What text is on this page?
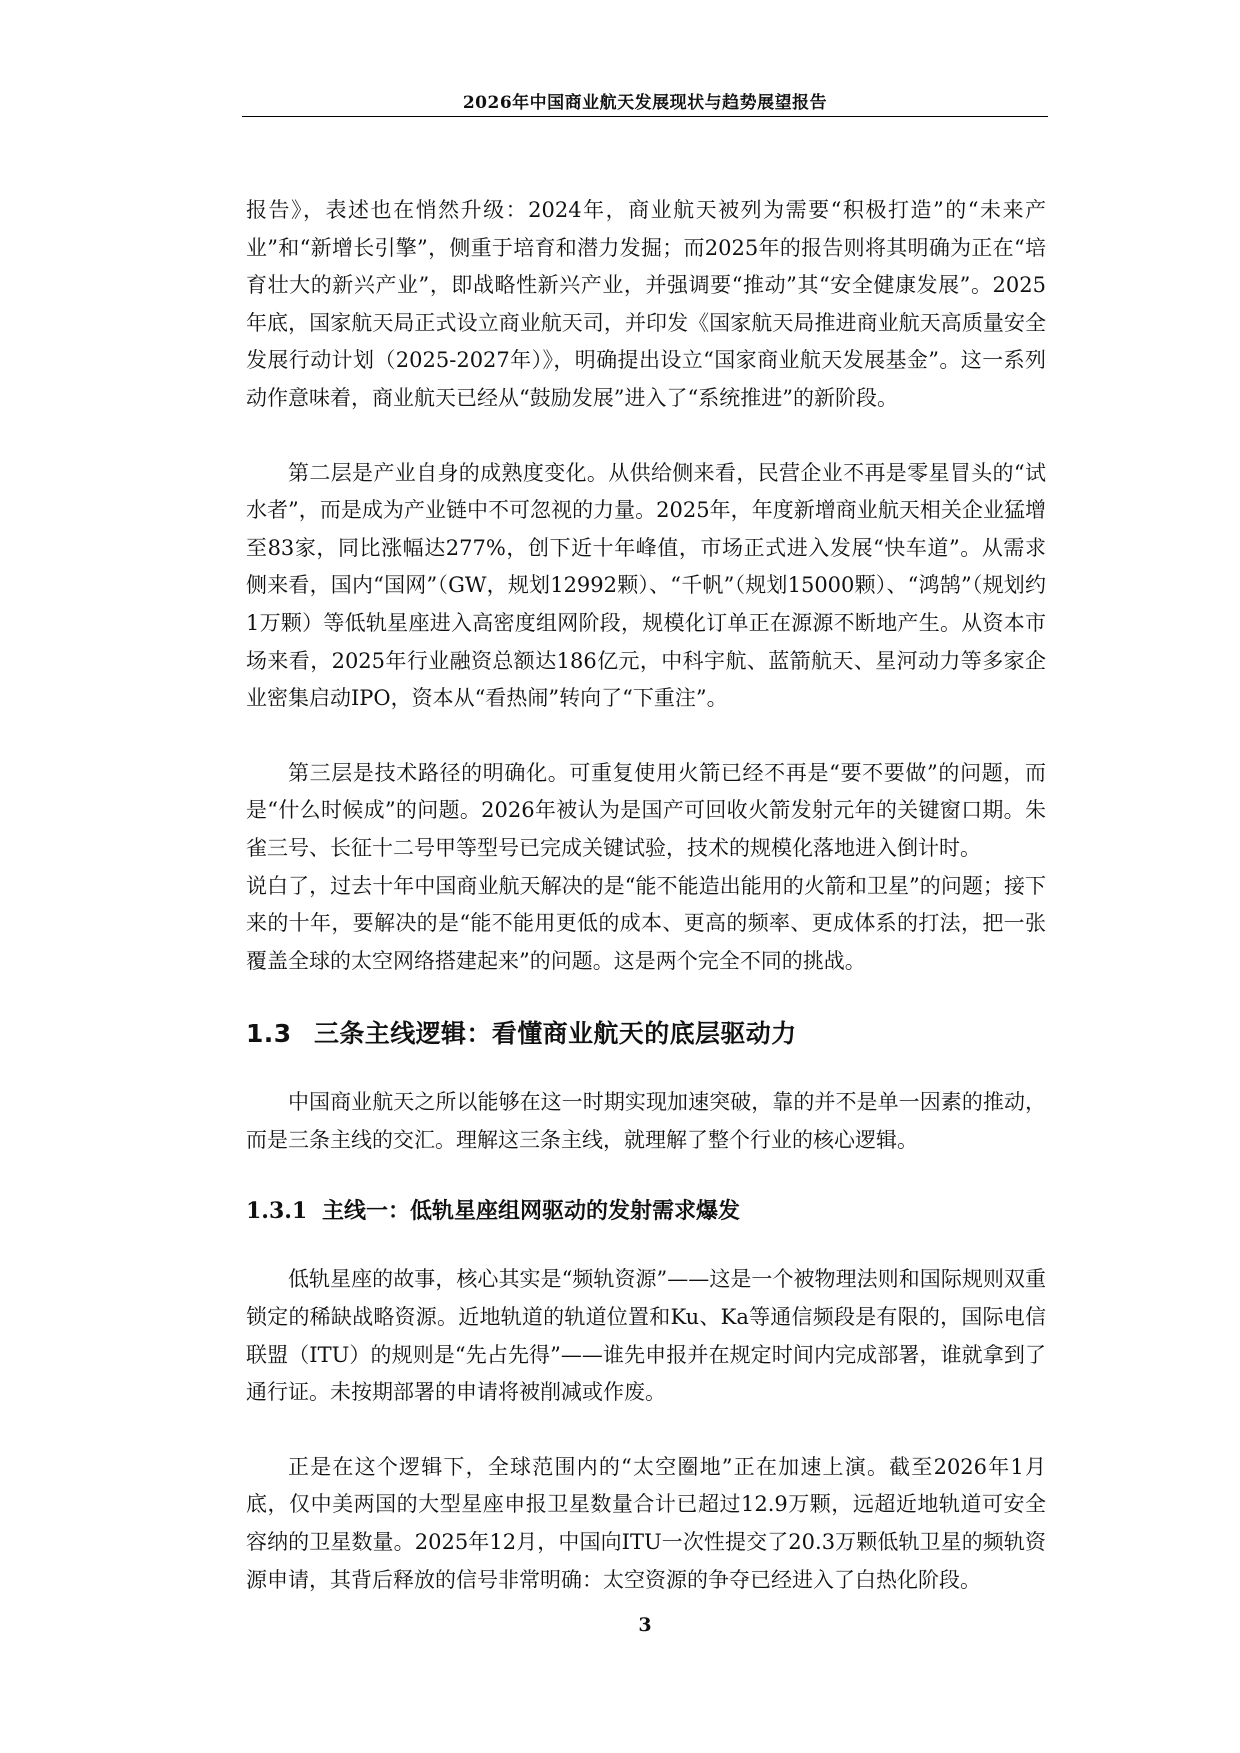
2026年中国商业航天发展现状与趋势展望报告

报告》，表述也在悄然升级：2024年，商业航天被列为需要“积极打造”的“未来产业”和“新增长引擎”，侧重于培育和潜力发掘；而2025年的报告则将其明确为正在“培育壮大的新兴产业”，即战略性新兴产业，并强调要“推动”其“安全健康发展”。2025年底，国家航天局正式设立商业航天司，并印发《国家航天局推进商业航天高质量安全发展行动计划（2025-2027年）》，明确提出设立“国家商业航天发展基金”。这一系列动作意味着，商业航天已经从“鼓励发展”进入了“系统推进”的新阶段。

第二层是产业自身的成熟度变化。从供给侧来看，民营企业不再是零星冒头的“试水者”，而是成为产业链中不可忽视的力量。2025年，年度新增商业航天相关企业猛增至83家，同比涨幅达277%，创下近十年峰值，市场正式进入发展“快车道”。从需求侧来看，国内“国网”（GW，规划12992颗）、“千帆”（规划15000颗）、“鸿鹄”（规划约1万颗）等低轨星座进入高密度组网阶段，规模化订单正在源源不断地产生。从资本市场来看，2025年行业融资总额达186亿元，中科宇航、蓝箭航天、星河动力等多家企业密集启动IPO，资本从“看热闹”转向了“下重注”。

第三层是技术路径的明确化。可重复使用火箭已经不再是“要不要做”的问题，而是“什么时候成”的问题。2026年被认为是国产可回收火箭发射元年的关键窗口期。朱雀三号、长征十二号甲等型号已完成关键试验，技术的规模化落地进入倒计时。

说白了，过去十年中国商业航天解决的是“能不能造出能用的火箭和卫星”的问题；接下来的十年，要解决的是“能不能用更低的成本、更高的频率、更成体系的打法，把一张覆盖全球的太空网络搭建起来”的问题。这是两个完全不同的挑战。

1.3 三条主线逻辑：看懂商业航天的底层驱动力

中国商业航天之所以能够在这一时期实现加速突破，靠的并不是单一因素的推动，而是三条主线的交汇。理解这三条主线，就理解了整个行业的核心逻辑。

1.3.1 主线一：低轨星座组网驱动的发射需求爆发

低轨星座的故事，核心其实是“频轨资源”——这是一个被物理法则和国际规则双重锁定的稀缺战略资源。近地轨道的轨道位置和Ku、Ka等通信频段是有限的，国际电信联盟（ITU）的规则是“先占先得”——谁先申报并在规定时间内完成部署，谁就拿到了通行证。未按期部署的申请将被削减或作废。

正是在这个逻辑下，全球范围内的“太空圈地”正在加速上演。截至2026年1月底，仅中美两国的大型星座申报卫星数量合计已超过12.9万颗，远超近地轨道可安全容纳的卫星数量。2025年12月，中国向ITU一次性提交了20.3万颗低轨卫星的频轨资源申请，其背后释放的信号非常明确：太空资源的争夺已经进入了白热化阶段。

3
